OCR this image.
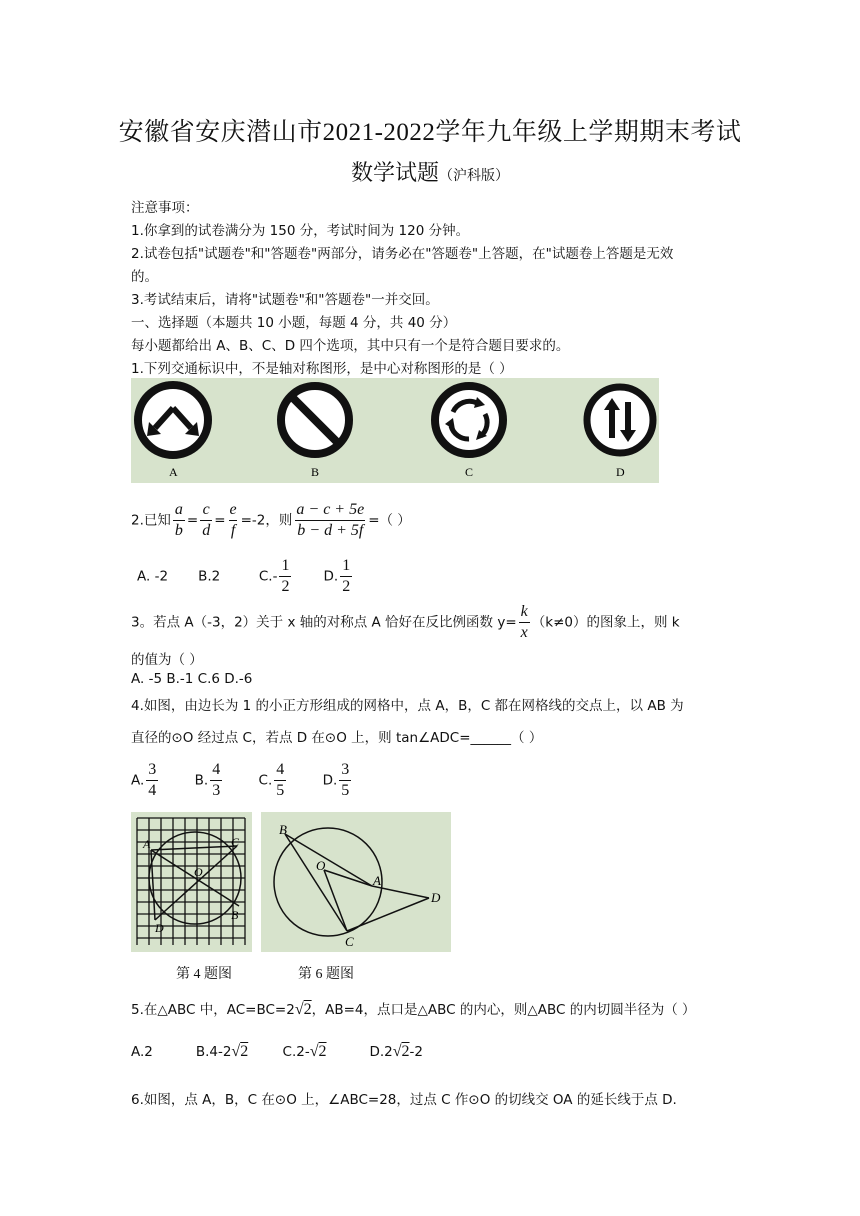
安徽省安庆潜山市2021-2022学年九年级上学期期末考试
数学试题（沪科版）
注意事项：
1.你拿到的试卷满分为 150 分，考试时间为 120 分钟。
2.试卷包括"试题卷"和"答题卷"两部分，请务必在"答题卷"上答题，在"试题卷上答题是无效
的。
3.考试结束后，请将"试题卷"和"答题卷"一并交回。
一、选择题（本题共 10 小题，每题 4 分，共 40 分）
每小题都给出 A、B、C、D 四个选项，其中只有一个是符合题目要求的。
1.下列交通标识中，不是轴对称图形，是中心对称图形的是（ ）
A	B	C	D
2.已知 $\frac{a}{b} = \frac{c}{d} = \frac{e}{f} =-2$，则 $\frac{a - c + 5e}{b - d + 5f}$ =（ ）
A. -2 B.2	$C.- \frac{1}{2} D$. $\frac{1}{2}$
3。若点 A（-3，2）关于 x 轴的对称点 A 恰好在反比例函数 $y= \frac{k}{x} (k\ne 0)$的图象上，则 k
的值为（ ）
A. -5 B.-1 C.6 D.-6
4.如图，由边长为 1 的小正方形组成的网格中，点 A，B，C 都在网格线的交点上，以 AB 为
直径的⊙O 经过点 C，若点 D 在⊙O 上，则 tan∠ADC=______（ ）
A. $\frac{3}{4}$	B. $\frac{4}{3}$	C. $\frac{4}{5}$	D. $\frac{3}{5}$
A	C
O
B
D
B
O
A
D
C
第 4 题图	第 6 题图
5.在△ABC 中，AC=BC=2√2，AB=4，点口是△ABC 的内心，则△ABC 的内切圆半径为（ ）
A.2	B.4-2√2	C.2-√2	D.2√2-2
6.如图，点 A，B，C 在⊙O 上，∠ABC=28，过点 C 作⊙O 的切线交 OA 的延长线于点 D.
